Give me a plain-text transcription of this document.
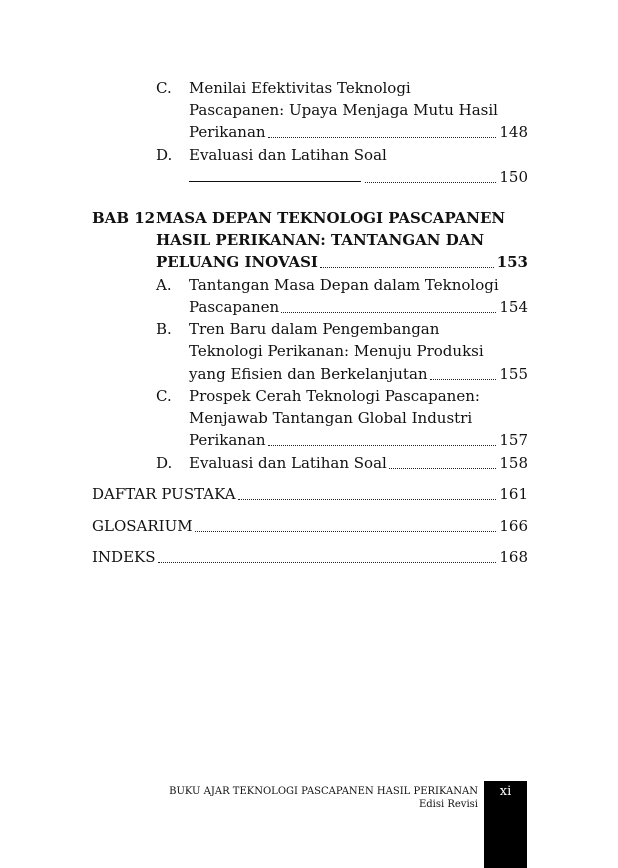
C. Menilai Efektivitas Teknologi
Pascapanen: Upaya Menjaga Mutu Hasil
Perikanan	148
D. Evaluasi dan Latihan Soal
150
BAB 12 MASA DEPAN TEKNOLOGI PASCAPANEN
HASIL PERIKANAN: TANTANGAN DAN
PELUANG INOVASI	153
A. Tantangan Masa Depan dalam Teknologi
Pascapanen	154
B. Tren Baru dalam Pengembangan
Teknologi Perikanan: Menuju Produksi
yang Efisien dan Berkelanjutan	155
C. Prospek Cerah Teknologi Pascapanen:
Menjawab Tantangan Global Industri
Perikanan	157
D. Evaluasi dan Latihan Soal	158
DAFTAR PUSTAKA	161
GLOSARIUM	166
INDEKS	168
BUKU AJAR TEKNOLOGI PASCAPANEN HASIL PERIKANAN
Edisi Revisi
xi
